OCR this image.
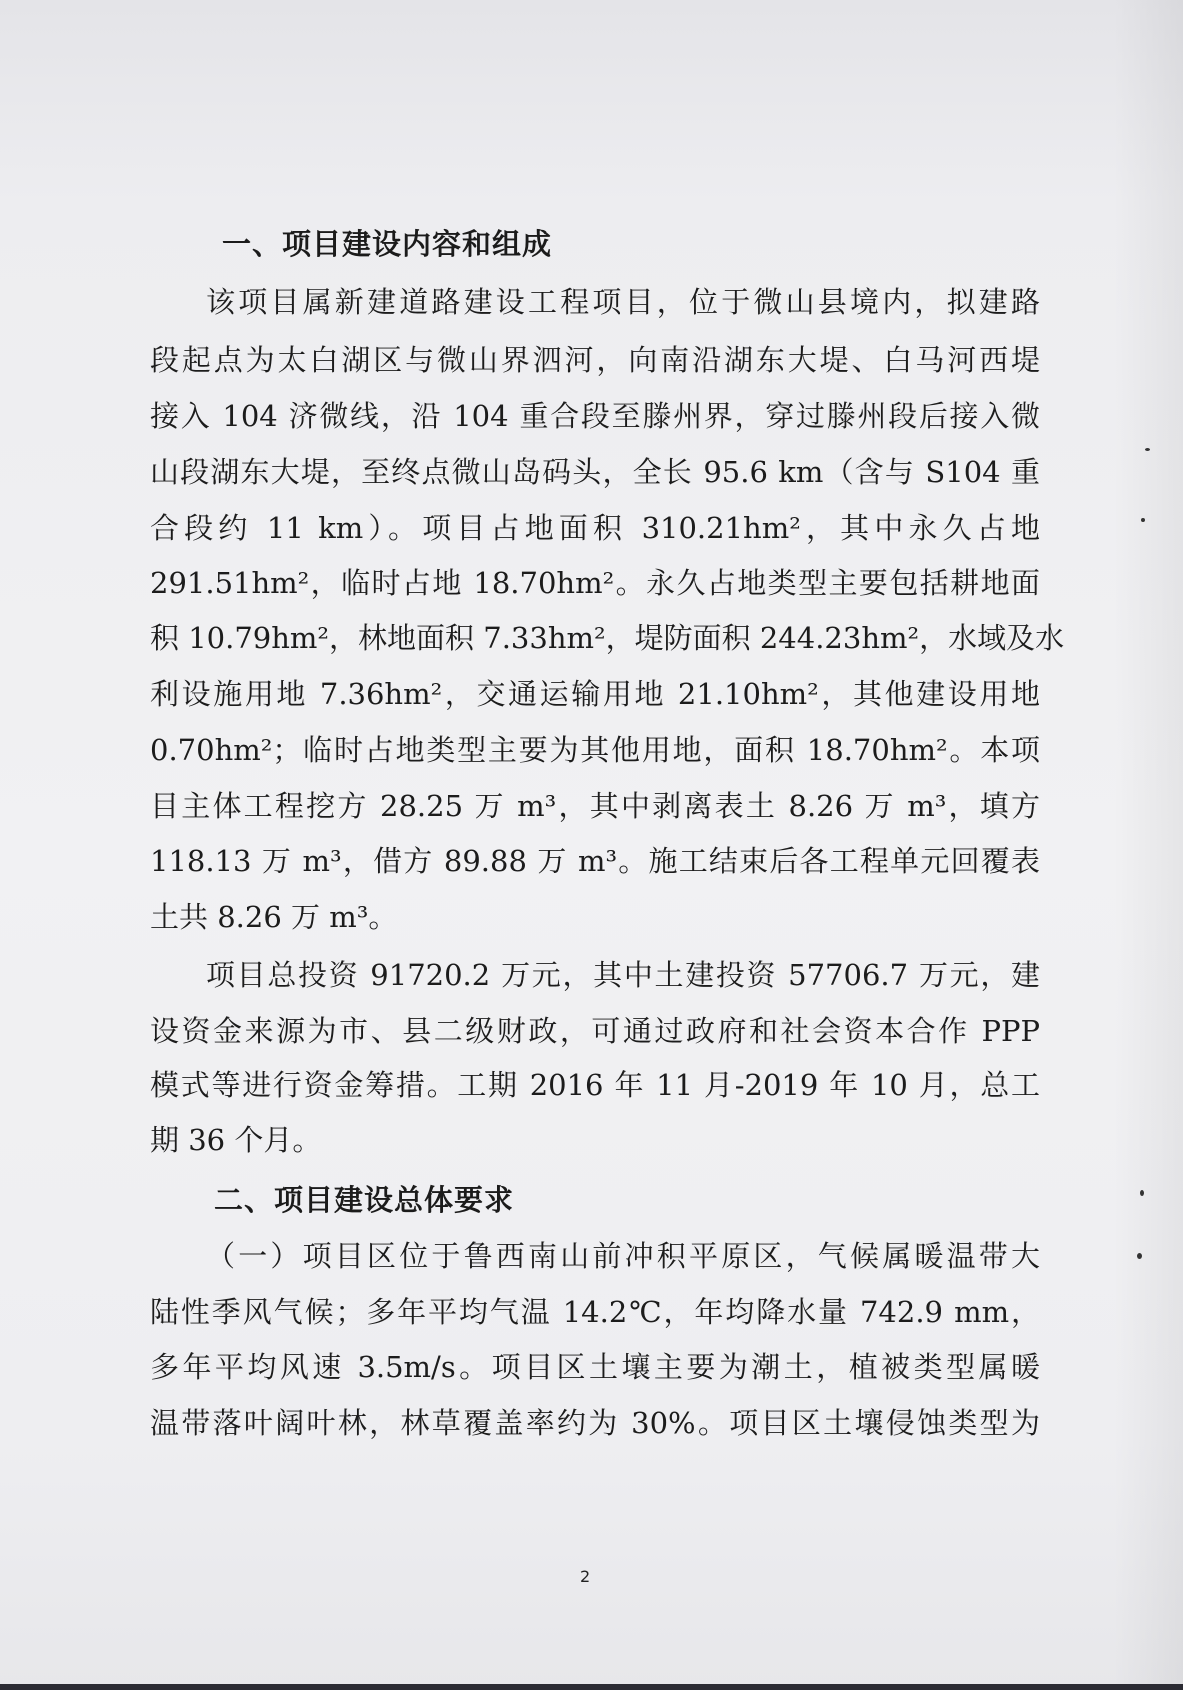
一、项目建设内容和组成
该项目属新建道路建设工程项目，位于微山县境内，拟建路
段起点为太白湖区与微山界泗河，向南沿湖东大堤、白马河西堤
接入 104 济微线，沿 104 重合段至滕州界，穿过滕州段后接入微
山段湖东大堤，至终点微山岛码头，全长 95.6 km（含与 S104 重
合段约 11 km）。项目占地面积 310.21hm²，其中永久占地
291.51hm²，临时占地 18.70hm²。永久占地类型主要包括耕地面
积 10.79hm²，林地面积 7.33hm²，堤防面积 244.23hm²，水域及水
利设施用地 7.36hm²，交通运输用地 21.10hm²，其他建设用地
0.70hm²；临时占地类型主要为其他用地，面积 18.70hm²。本项
目主体工程挖方 28.25 万 m³，其中剥离表土 8.26 万 m³，填方
118.13 万 m³，借方 89.88 万 m³。施工结束后各工程单元回覆表
土共 8.26 万 m³。
项目总投资 91720.2 万元，其中土建投资 57706.7 万元，建
设资金来源为市、县二级财政，可通过政府和社会资本合作 PPP
模式等进行资金筹措。工期 2016 年 11 月-2019 年 10 月，总工
期 36 个月。
二、项目建设总体要求
（一）项目区位于鲁西南山前冲积平原区，气候属暖温带大
陆性季风气候；多年平均气温 14.2℃，年均降水量 742.9 mm，
多年平均风速 3.5m/s。项目区土壤主要为潮土，植被类型属暖
温带落叶阔叶林，林草覆盖率约为 30%。项目区土壤侵蚀类型为
2
